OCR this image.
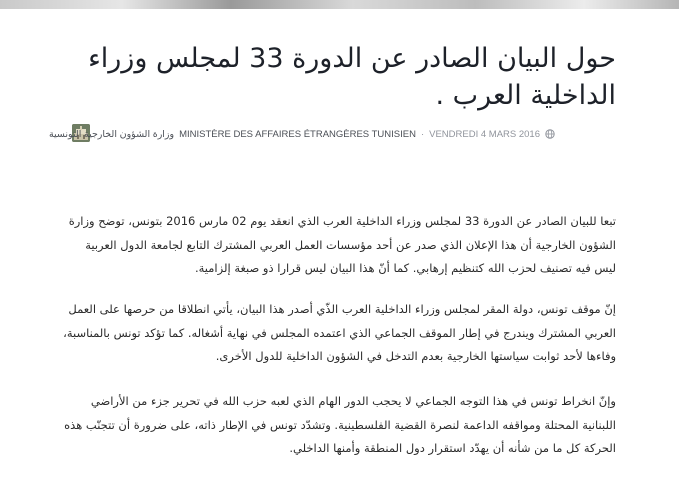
حول البيان الصادر عن الدورة 33 لمجلس وزراء الداخلية العرب .
وزارة الشؤون الخارجية التونسية MINISTÈRE DES AFFAIRES ÉTRANGÈRES TUNISIEN · VENDREDI 4 MARS 2016

تبعا للبيان الصادر عن الدورة 33 لمجلس وزراء الداخلية العرب الذي انعقد يوم 02 مارس 2016 بتونس، توضح وزارة الشؤون الخارجية أن هذا الإعلان الذي صدر عن أحد مؤسسات العمل العربي المشترك التابع لجامعة الدول العربية ليس فيه تصنيف لحزب الله كتنظيم إرهابي. كما أنّ هذا البيان ليس قرارا ذو صبغة إلزامية.

إنّ موقف تونس، دولة المقر لمجلس وزراء الداخلية العرب الذّي أصدر هذا البيان، يأتي انطلاقا من حرصها على العمل العربي المشترك ويندرج في إطار الموقف الجماعي الذي اعتمده المجلس في نهاية أشغاله. كما تؤكد تونس بالمناسبة، وفاءها لأحد ثوابت سياستها الخارجية بعدم التدخل في الشؤون الداخلية للدول الأخرى.

وإنّ انخراط تونس في هذا التوجه الجماعي لا يحجب الدور الهام الذي لعبه حزب الله في تحرير جزء من الأراضي اللبنانية المحتلة ومواقفه الداعمة لنصرة القضية الفلسطينية. وتشدّد تونس في الإطار ذاته، على ضرورة أن تتجنّب هذه الحركة كل ما من شأنه أن يهدّد استقرار دول المنطقة وأمنها الداخلي.
